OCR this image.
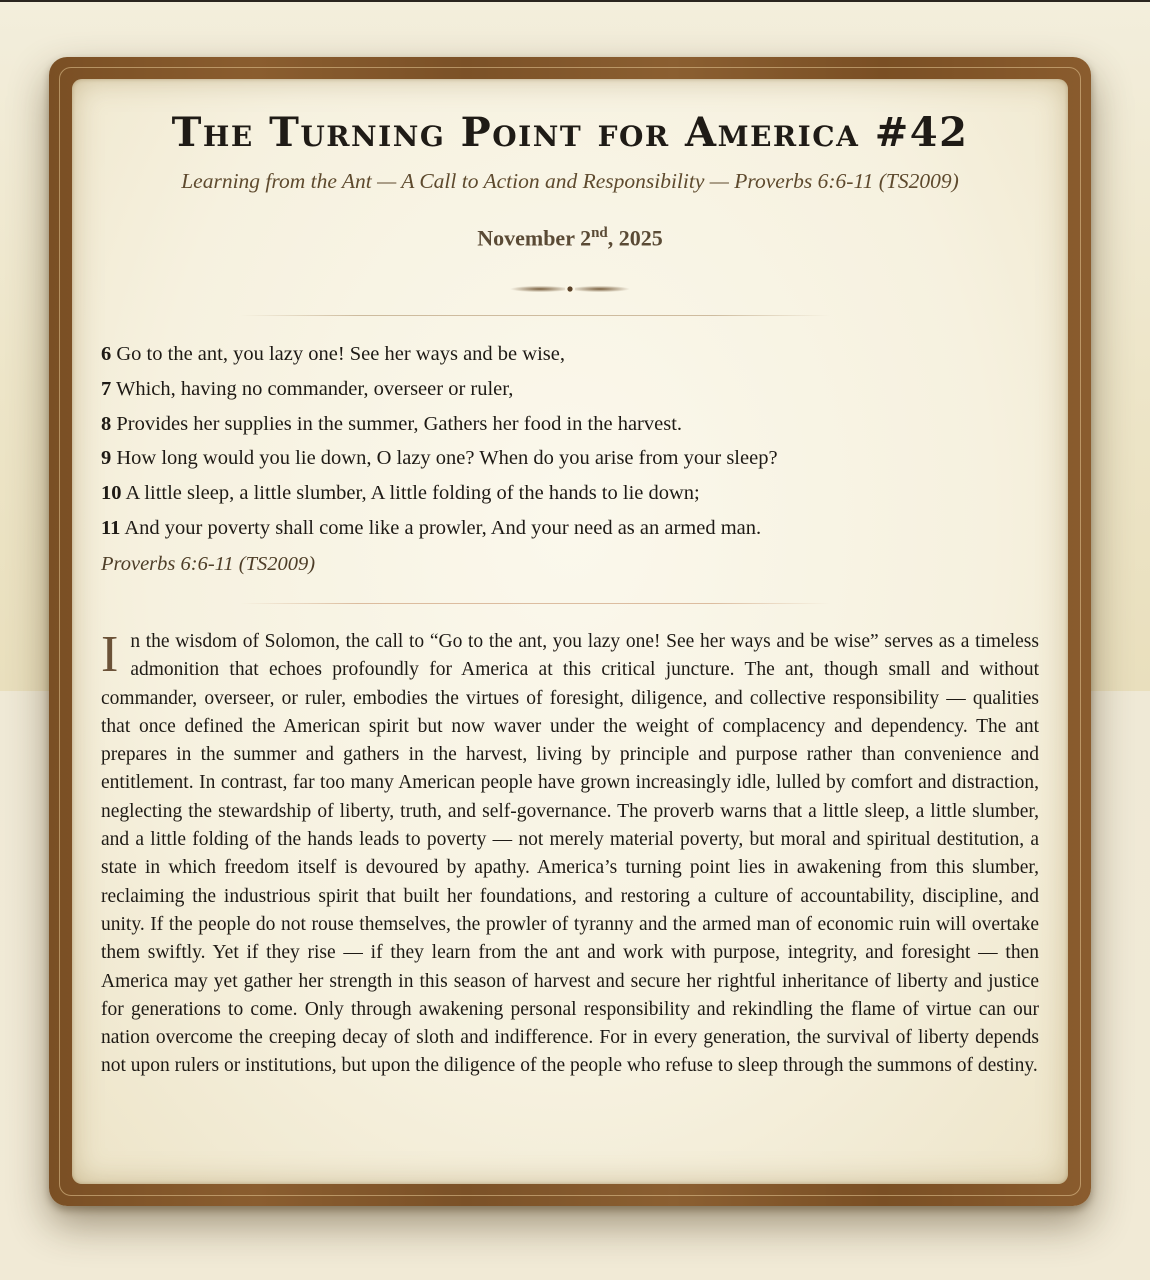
The Turning Point for America #42
Learning from the Ant — A Call to Action and Responsibility — Proverbs 6:6-11 (TS2009)
November 2nd, 2025
6 Go to the ant, you lazy one! See her ways and be wise,
7 Which, having no commander, overseer or ruler,
8 Provides her supplies in the summer, Gathers her food in the harvest.
9 How long would you lie down, O lazy one? When do you arise from your sleep?
10 A little sleep, a little slumber, A little folding of the hands to lie down;
11 And your poverty shall come like a prowler, And your need as an armed man.
Proverbs 6:6-11 (TS2009)

In the wisdom of Solomon, the call to “Go to the ant, you lazy one! See her ways and be wise” serves as a timeless admonition that echoes profoundly for America at this critical juncture. The ant, though small and without commander, overseer, or ruler, embodies the virtues of foresight, diligence, and collective responsibility — qualities that once defined the American spirit but now waver under the weight of complacency and dependency. The ant prepares in the summer and gathers in the harvest, living by principle and purpose rather than convenience and entitlement. In contrast, far too many American people have grown increasingly idle, lulled by comfort and distraction, neglecting the stewardship of liberty, truth, and self-governance. The proverb warns that a little sleep, a little slumber, and a little folding of the hands leads to poverty — not merely material poverty, but moral and spiritual destitution, a state in which freedom itself is devoured by apathy. America’s turning point lies in awakening from this slumber, reclaiming the industrious spirit that built her foundations, and restoring a culture of accountability, discipline, and unity. If the people do not rouse themselves, the prowler of tyranny and the armed man of economic ruin will overtake them swiftly. Yet if they rise — if they learn from the ant and work with purpose, integrity, and foresight — then America may yet gather her strength in this season of harvest and secure her rightful inheritance of liberty and justice for generations to come. Only through awakening personal responsibility and rekindling the flame of virtue can our nation overcome the creeping decay of sloth and indifference. For in every generation, the survival of liberty depends not upon rulers or institutions, but upon the diligence of the people who refuse to sleep through the summons of destiny.
